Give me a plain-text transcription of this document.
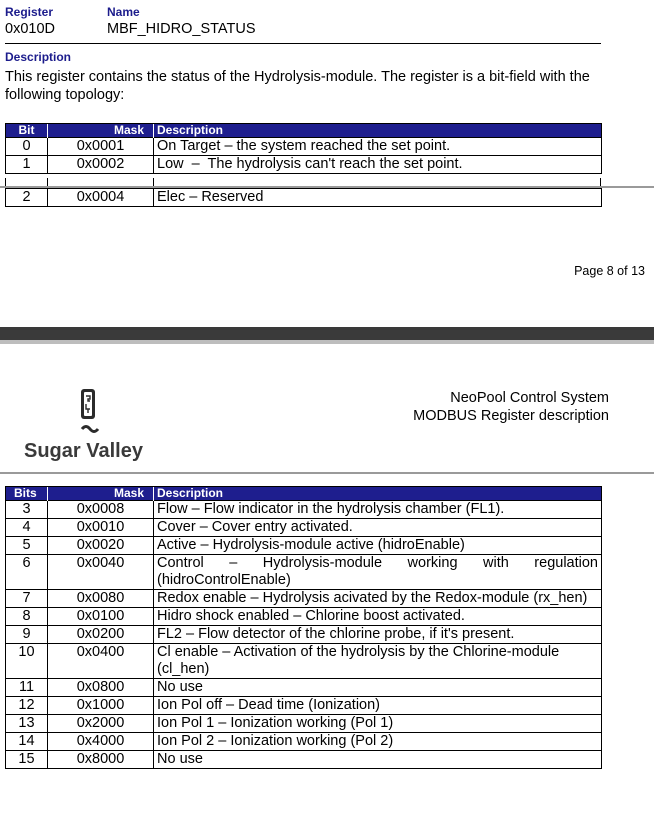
Register	Name
0x010D	MBF_HIDRO_STATUS
Description
This register contains the status of the Hydrolysis-module. The register is a bit-field with the following topology:
Bit	Mask	Description
0	0x0001	On Target – the system reached the set point.
1	0x0002	Low  –  The hydrolysis can't reach the set point.
2	0x0004	Elec – Reserved
Page 8 of 13
Sugar Valley
NeoPool Control System
MODBUS Register description
Bits	Mask	Description
3	0x0008	Flow – Flow indicator in the hydrolysis chamber (FL1).
4	0x0010	Cover – Cover entry activated.
5	0x0020	Active – Hydrolysis-module active (hidroEnable)
6	0x0040	Control – Hydrolysis-module working with regulation (hidroControlEnable)
7	0x0080	Redox enable – Hydrolysis acivated by the Redox-module (rx_hen)
8	0x0100	Hidro shock enabled – Chlorine boost activated.
9	0x0200	FL2 – Flow detector of the chlorine probe, if it's present.
10	0x0400	Cl enable – Activation of the hydrolysis by the Chlorine-module (cl_hen)
11	0x0800	No use
12	0x1000	Ion Pol off – Dead time (Ionization)
13	0x2000	Ion Pol 1 – Ionization working (Pol 1)
14	0x4000	Ion Pol 2 – Ionization working (Pol 2)
15	0x8000	No use
